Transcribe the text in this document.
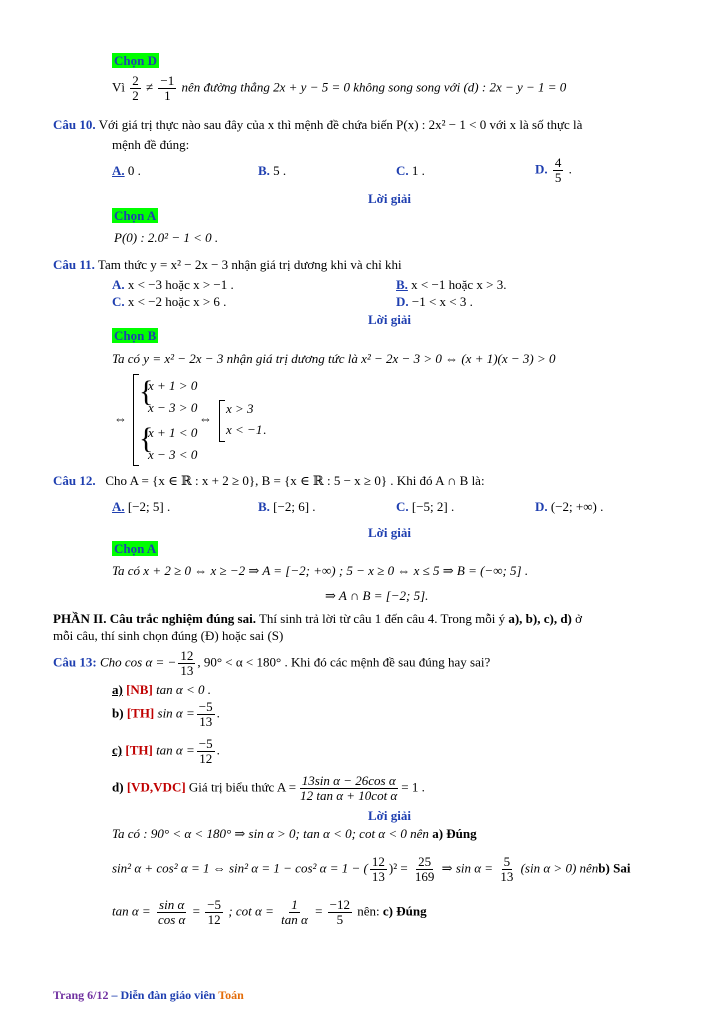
Chọn D
Vì $\frac{2}{2} \ne \frac{-1}{1}$ nên đường thẳng 2x + y − 5 = 0 không song song với (d) : 2x − y − 1 = 0
Câu 10. Với giá trị thực nào sau đây của x thì mệnh đề chứa biến P(x) : 2x² − 1 < 0 với x là số thực là
mệnh đề đúng:
A. 0 .	B. 5 .	C. 1 .	D. $\frac{4}{5}$ .
Lời giải
Chọn A
P(0) : 2.0² − 1 < 0 .
Câu 11. Tam thức y = x² − 2x − 3 nhận giá trị dương khi và chỉ khi
A. x < −3 hoặc x > −1 .	B. x < −1 hoặc x > 3.
C. x < −2 hoặc x > 6 .	D. −1 < x < 3 .
Lời giải
Chọn B
Ta có y = x² − 2x − 3 nhận giá trị dương tức là x² − 2x − 3 > 0 ⇔ (x + 1)(x − 3) > 0
⇔
{
x + 1 > 0
x − 3 > 0
{
x + 1 < 0
x − 3 < 0
⇔
x > 3
x < −1 .
Câu 12. Cho A = {x ∈ ℝ : x + 2 ≥ 0}, B = {x ∈ ℝ : 5 − x ≥ 0} . Khi đó A ∩ B là:
A. [−2; 5] .	B. [−2; 6] .	C. [−5; 2] .	D. (−2; +∞) .
Lời giải
Chọn A
Ta có x + 2 ≥ 0 ⇔ x ≥ −2 ⇒ A = [−2; +∞) ; 5 − x ≥ 0 ⇔ x ≤ 5 ⇒ B = (−∞; 5] .
⇒ A ∩ B = [−2; 5].
PHẦN II. Câu trắc nghiệm đúng sai. Thí sinh trả lời từ câu 1 đến câu 4. Trong mỗi ý a), b), c), d) ở
mỗi câu, thí sinh chọn đúng (Đ) hoặc sai (S)
Câu 13: Cho cos α = − $\frac{12}{13}$ , 90° < α < 180° . Khi đó các mệnh đề sau đúng hay sai?
a) [NB] tan α < 0 .
b) [TH] $\sin \alpha = \frac{-5}{13}$ .
c) [TH] $\tan \alpha = \frac{-5}{12}$ .
d) [VD,VDC] Giá trị biểu thức $A = \frac{\text{13sin α − 26cos α}}{\text{12 tan α + 10cot α}} = 1$ .
Lời giải
Ta có : 90° < α < 180° ⇒ sin α > 0; tan α < 0; cot α < 0 nên a) Đúng
sin² α + cos² α = 1 ⇔ sin² α = 1 − cos² α = 1 − ( $\frac{12}{13} )^2 = \frac{25}{169}$ ⇒ $\sin \alpha = \frac{5}{13} (\sin$ α > 0) nênb) Sai
$\tan \alpha = \frac{\text{sin α}}{\text{cos α}} = \frac{-5}{12}$ ; $\cot \alpha = \frac{1}{\text{tan α}} = \frac{-12}{5}$ nên: c) Đúng
Trang 6/12 – Diễn đàn giáo viên Toán
